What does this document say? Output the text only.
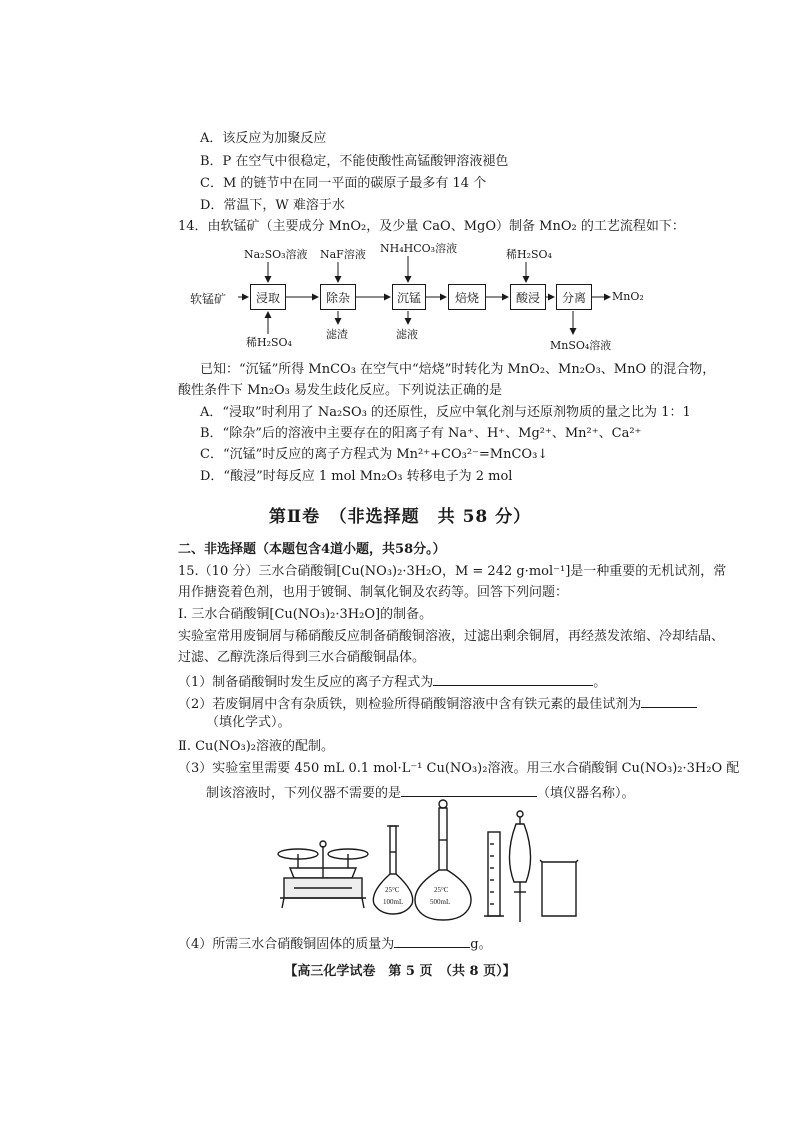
A．该反应为加聚反应
B．P 在空气中很稳定，不能使酸性高锰酸钾溶液褪色
C．M 的链节中在同一平面的碳原子最多有 14 个
D．常温下，W 难溶于水
14．由软锰矿（主要成分 MnO₂，及少量 CaO、MgO）制备 MnO₂ 的工艺流程如下：
软锰矿	浸取	除杂	沉锰	焙烧	酸浸	分离
Na₂SO₃溶液 NaF溶液 NH₄HCO₃溶液	稀H₂SO₄
稀H₂SO₄
滤渣	滤液
MnO₂
MnSO₄溶液
已知：“沉锰”所得 MnCO₃ 在空气中“焙烧”时转化为 MnO₂、Mn₂O₃、MnO 的混合物，
酸性条件下 Mn₂O₃ 易发生歧化反应。下列说法正确的是
A．“浸取”时利用了 Na₂SO₃ 的还原性，反应中氧化剂与还原剂物质的量之比为 1：1
B．“除杂”后的溶液中主要存在的阳离子有 Na⁺、H⁺、Mg²⁺、Mn²⁺、Ca²⁺
C．“沉锰”时反应的离子方程式为 Mn²⁺+CO₃²⁻=MnCO₃↓
D．“酸浸”时每反应 1 mol Mn₂O₃ 转移电子为 2 mol
第Ⅱ卷　（非选择题　共 58 分）
二、非选择题（本题包含4道小题，共58分。）
15.（10 分）三水合硝酸铜[Cu(NO₃)₂·3H₂O，M = 242 g·mol⁻¹]是一种重要的无机试剂，常
用作搪瓷着色剂，也用于镀铜、制氧化铜及农药等。回答下列问题：
Ⅰ. 三水合硝酸铜[Cu(NO₃)₂·3H₂O]的制备。
实验室常用废铜屑与稀硝酸反应制备硝酸铜溶液，过滤出剩余铜屑，再经蒸发浓缩、冷却结晶、
过滤、乙醇洗涤后得到三水合硝酸铜晶体。
（1）制备硝酸铜时发生反应的离子方程式为	。
（2）若废铜屑中含有杂质铁，则检验所得硝酸铜溶液中含有铁元素的最佳试剂为
（填化学式）。
Ⅱ. Cu(NO₃)₂溶液的配制。
（3）实验室里需要 450 mL 0.1 mol·L⁻¹ Cu(NO₃)₂溶液。用三水合硝酸铜 Cu(NO₃)₂·3H₂O 配
制该溶液时，下列仪器不需要的是	（填仪器名称）。
25°C
100mL
25°C
500mL
（4）所需三水合硝酸铜固体的质量为	g。
【高三化学试卷　第 5 页　（共 8 页）】
